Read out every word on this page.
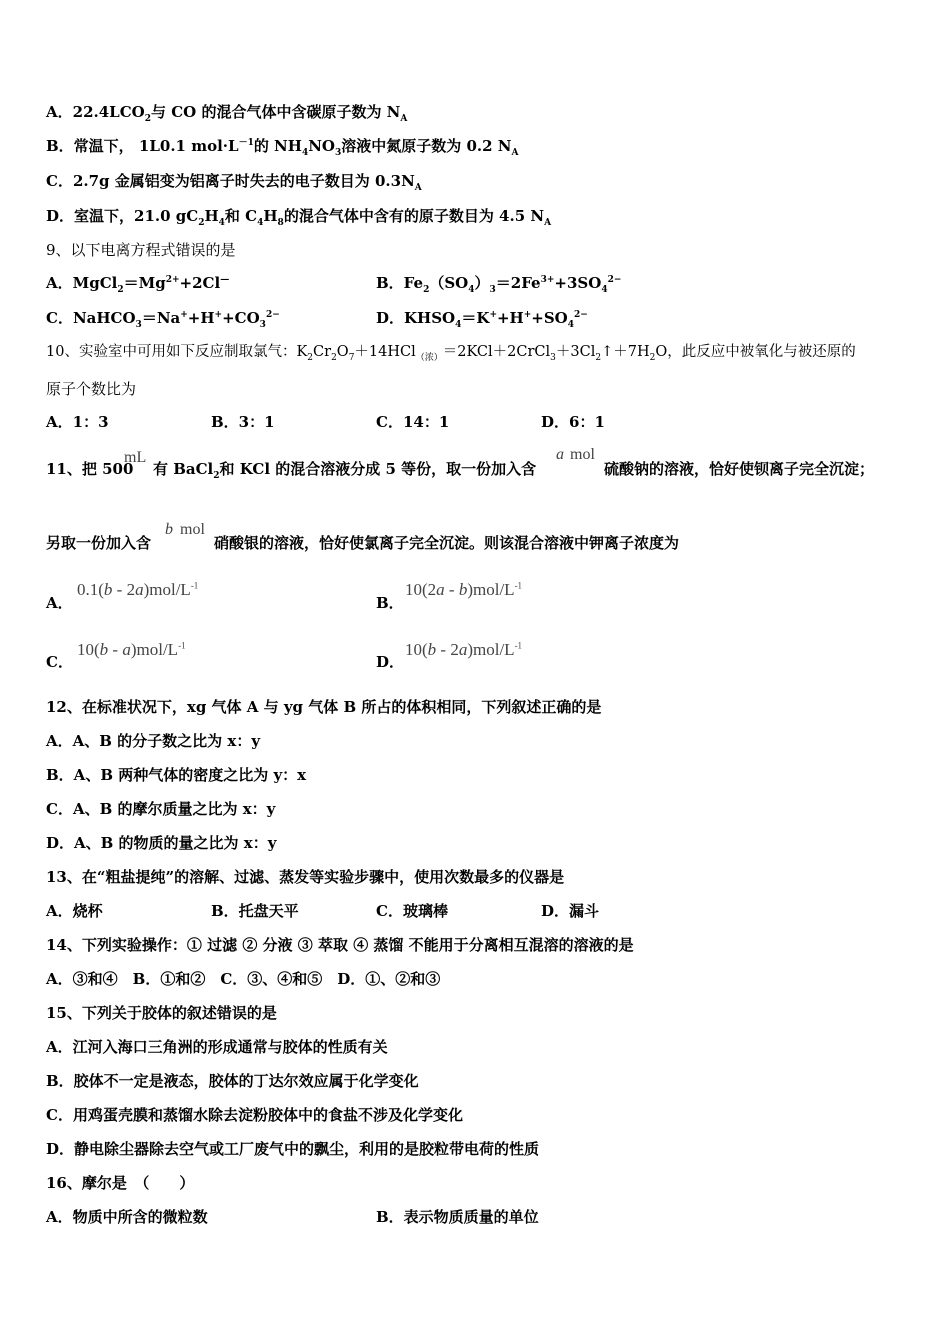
A．$22.4LCO_2$与 CO 的混合气体中含碳原子数为 $N_A$
B．常温下， 1L0.1 $mol\cdot L^{-1}$的 $NH_4NO_3$溶液中氮原子数为 0.2 $N_A$
C．2.7g 金属铝变为铝离子时失去的电子数目为 $0.3N_A$
D．室温下，21.0 $gC_2H_4$和 $C_4H_8$的混合气体中含有的原子数目为 4.5 $N_A$
9、以下电离方程式错误的是
A．$MgCl_2=Mg^{2+}+2Cl^—$	B．$Fe_2(SO_4)_3=2Fe^{3+}+3SO_4^{2-}$
C．$NaHCO_3=Na^++H^++CO_3^{2-}$	D．$KHSO_4=K^++H^++SO_4^{2-}$
10、实验室中可用如下反应制取氯气：$K_2Cr_2O_7+14HCl_{(浓)}=2KCl+2CrCl_3+3Cl_2↑+7H_2O$，此反应中被氧化与被还原的
原子个数比为
A．1：3	B．3：1	C．14：1	D．6：1
11、把 500
mL
有 BaCl$_2$和 KCl 的混合溶液分成 5 等份，取一份加入含
a mol
硫酸钠的溶液，恰好使钡离子完全沉淀；
另取一份加入含
b mol
硝酸银的溶液，恰好使氯离子完全沉淀。则该混合溶液中钾离子浓度为
A．
$0.1(b - 2a)mol/L^{-1}$
B．
$10(2a - b)mol/L^{-1}$
C．
$10(b - a)mol/L^{-1}$
D．
$10(b - 2a)mol/L^{-1}$
12、在标准状况下，xg 气体 A 与 yg 气体 B 所占的体积相同，下列叙述正确的是
A．A、B 的分子数之比为 x：y
B．A、B 两种气体的密度之比为 y：x
C．A、B 的摩尔质量之比为 x：y
D．A、B 的物质的量之比为 x：y
13、在“粗盐提纯”的溶解、过滤、蒸发等实验步骤中，使用次数最多的仪器是
A．烧杯	B．托盘天平	C．玻璃棒	D．漏斗
14、下列实验操作：① 过滤 ② 分液 ③ 萃取 ④ 蒸馏 不能用于分离相互混溶的溶液的是
A．③和④　B．①和②　C．③、④和⑤　D．①、②和③
15、下列关于胶体的叙述错误的是
A．江河入海口三角洲的形成通常与胶体的性质有关
B．胶体不一定是液态，胶体的丁达尔效应属于化学变化
C．用鸡蛋壳膜和蒸馏水除去淀粉胶体中的食盐不涉及化学变化
D．静电除尘器除去空气或工厂废气中的飘尘，利用的是胶粒带电荷的性质
16、摩尔是　（　　）
A．物质中所含的微粒数	B．表示物质质量的单位
